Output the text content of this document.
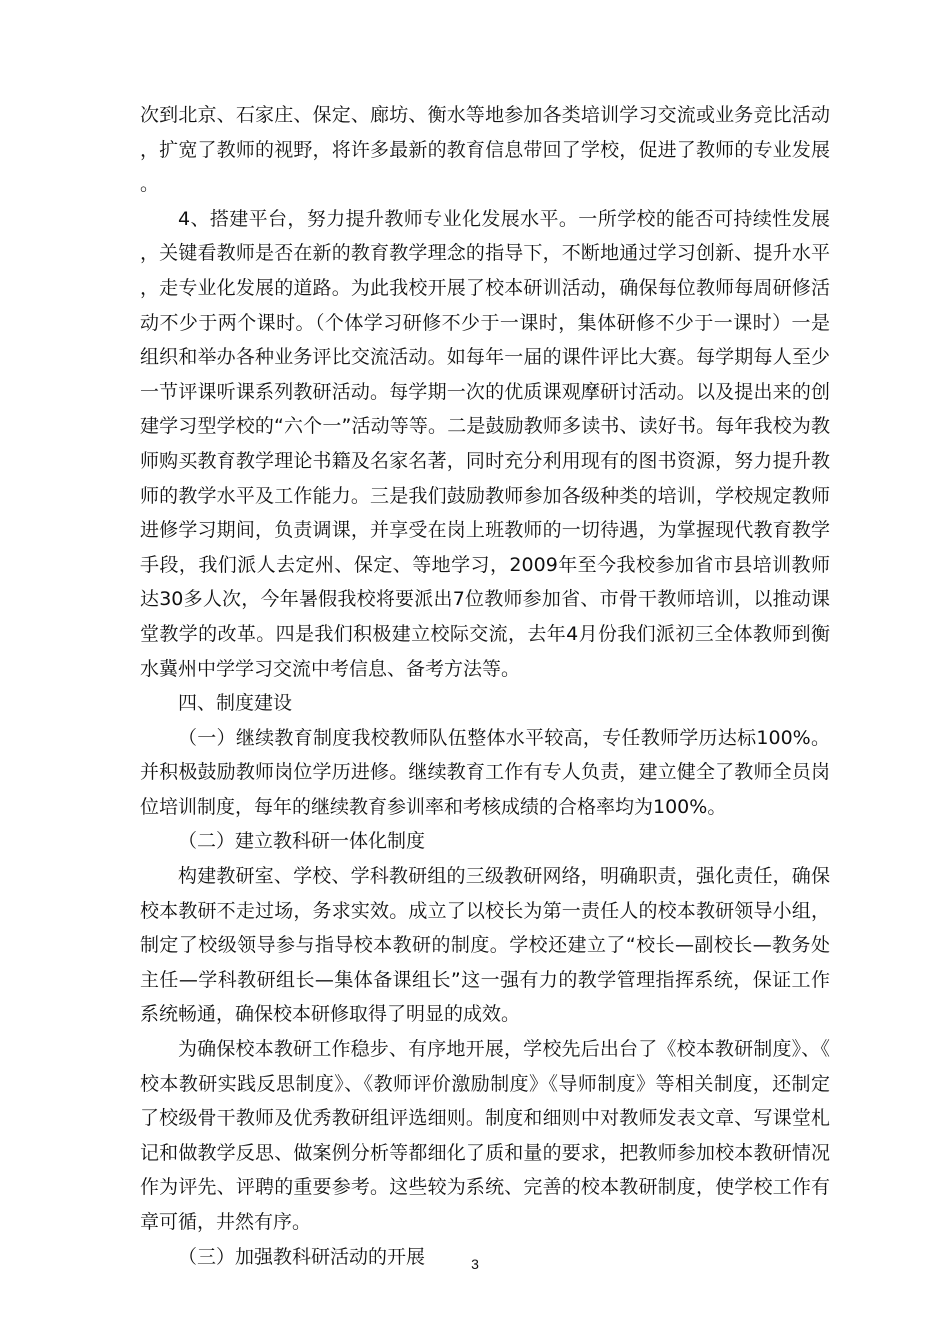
次到北京、石家庄、保定、廊坊、衡水等地参加各类培训学习交流或业务竞比活动，扩宽了教师的视野，将许多最新的教育信息带回了学校，促进了教师的专业发展。

4、搭建平台，努力提升教师专业化发展水平。一所学校的能否可持续性发展，关键看教师是否在新的教育教学理念的指导下，不断地通过学习创新、提升水平，走专业化发展的道路。为此我校开展了校本研训活动，确保每位教师每周研修活动不少于两个课时。（个体学习研修不少于一课时，集体研修不少于一课时）一是组织和举办各种业务评比交流活动。如每年一届的课件评比大赛。每学期每人至少一节评课听课系列教研活动。每学期一次的优质课观摩研讨活动。以及提出来的创建学习型学校的“六个一”活动等等。二是鼓励教师多读书、读好书。每年我校为教师购买教育教学理论书籍及名家名著，同时充分利用现有的图书资源，努力提升教师的教学水平及工作能力。三是我们鼓励教师参加各级种类的培训，学校规定教师进修学习期间，负责调课，并享受在岗上班教师的一切待遇，为掌握现代教育教学手段，我们派人去定州、保定、等地学习，2009年至今我校参加省市县培训教师达30多人次，今年暑假我校将要派出7位教师参加省、市骨干教师培训，以推动课堂教学的改革。四是我们积极建立校际交流，去年4月份我们派初三全体教师到衡水冀州中学学习交流中考信息、备考方法等。

四、制度建设

（一）继续教育制度我校教师队伍整体水平较高，专任教师学历达标100%。并积极鼓励教师岗位学历进修。继续教育工作有专人负责，建立健全了教师全员岗位培训制度，每年的继续教育参训率和考核成绩的合格率均为100%。

（二）建立教科研一体化制度

构建教研室、学校、学科教研组的三级教研网络，明确职责，强化责任，确保校本教研不走过场，务求实效。成立了以校长为第一责任人的校本教研领导小组，制定了校级领导参与指导校本教研的制度。学校还建立了“校长—副校长—教务处主任—学科教研组长—集体备课组长”这一强有力的教学管理指挥系统，保证工作系统畅通，确保校本研修取得了明显的成效。

为确保校本教研工作稳步、有序地开展，学校先后出台了《校本教研制度》、《校本教研实践反思制度》、《教师评价激励制度》《导师制度》等相关制度，还制定了校级骨干教师及优秀教研组评选细则。制度和细则中对教师发表文章、写课堂札记和做教学反思、做案例分析等都细化了质和量的要求，把教师参加校本教研情况作为评先、评聘的重要参考。这些较为系统、完善的校本教研制度，使学校工作有章可循，井然有序。

（三）加强教科研活动的开展	3
